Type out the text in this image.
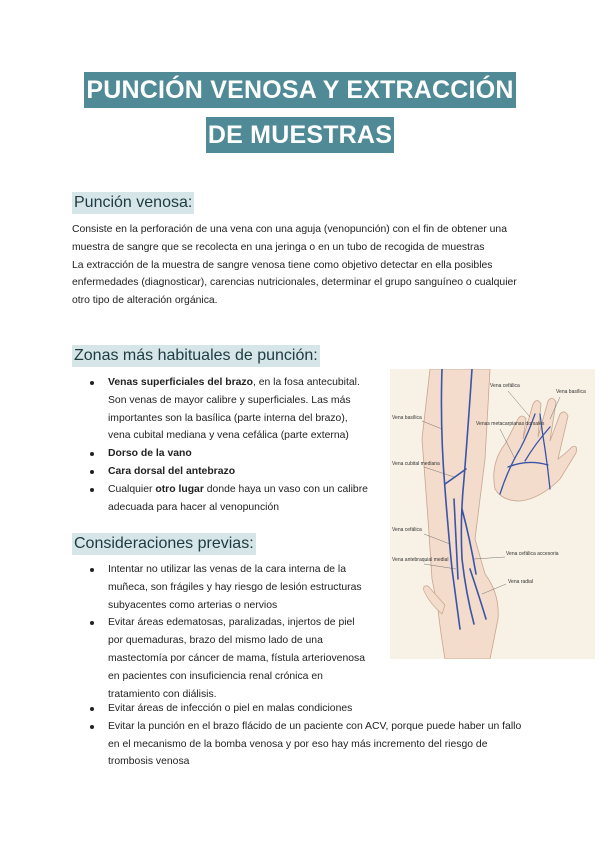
PUNCIÓN VENOSA Y EXTRACCIÓN
DE MUESTRAS
Punción venosa:

Consiste en la perforación de una vena con una aguja (venopunción) con el fin de obtener una muestra de sangre que se recolecta en una jeringa o en un tubo de recogida de muestras

La extracción de la muestra de sangre venosa tiene como objetivo detectar en ella posibles enfermedades (diagnosticar), carencias nutricionales, determinar el grupo sanguíneo o cualquier otro tipo de alteración orgánica.

Zonas más habituales de punción:
Venas superficiales del brazo, en la fosa antecubital. Son venas de mayor calibre y superficiales. Las más importantes son la basílica (parte interna del brazo), vena cubital mediana y vena cefálica (parte externa)
Dorso de la vano
Cara dorsal del antebrazo
Cualquier otro lugar donde haya un vaso con un calibre adecuada para hacer al venopunción
Consideraciones previas:
Intentar no utilizar las venas de la cara interna de la muñeca, son frágiles y hay riesgo de lesión estructuras subyacentes como arterias o nervios
Evitar áreas edematosas, paralizadas, injertos de piel por quemaduras, brazo del mismo lado de una mastectomía por cáncer de mama, fístula arteriovenosa en pacientes con insuficiencia renal crónica en tratamiento con diálisis.
Evitar áreas de infección o piel en malas condiciones
Evitar la punción en el brazo flácido de un paciente con ACV, porque puede haber un fallo en el mecanismo de la bomba venosa y por eso hay más incremento del riesgo de trombosis venosa
Vena cefálica
Vena basílica
Vena basílica
Venas metacarpianas dorsales
Vena cubital mediana
Vena cefálica
Vena antebraquial medial
Vena cefálica accesoria
Vena radial
